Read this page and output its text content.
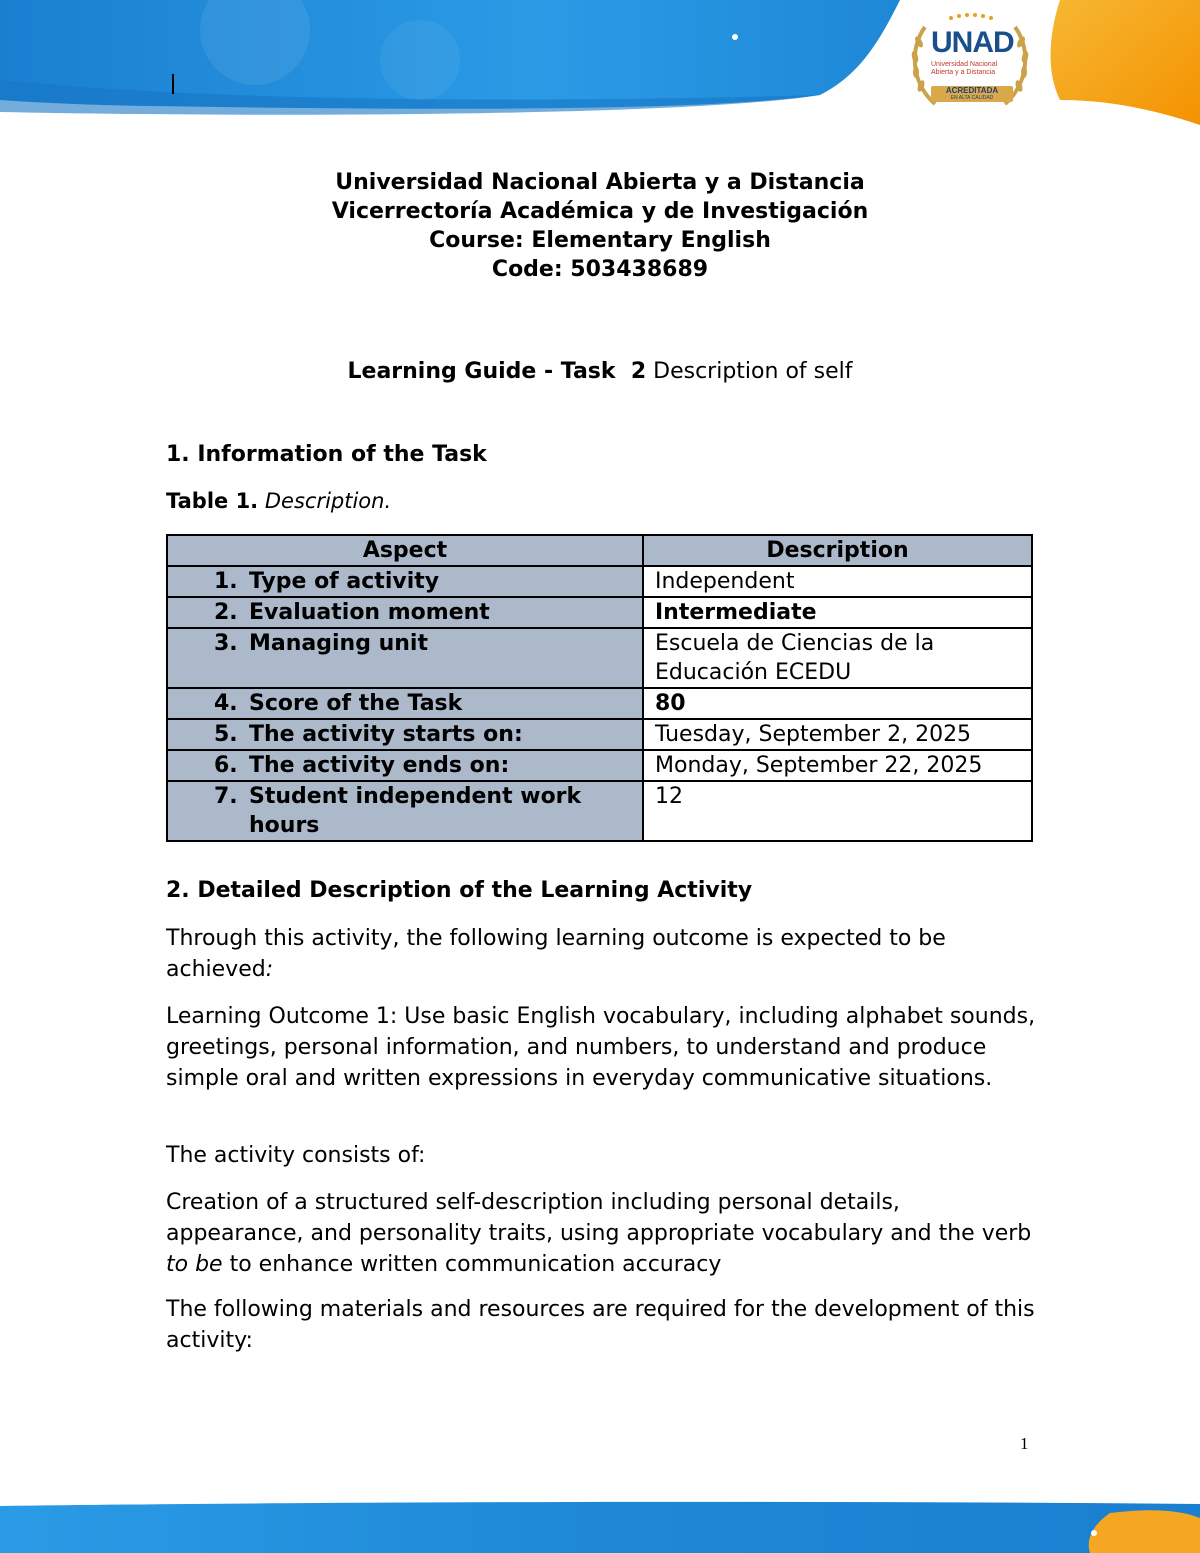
UNAD
Universidad Nacional Abierta y a Distancia
ACREDITADA
EN ALTA CALIDAD
Universidad Nacional Abierta y a Distancia
Vicerrectoría Académica y de Investigación
Course: Elementary English
Code: 503438689
Learning Guide - Task  2 Description of self
1. Information of the Task
Table 1. Description.
Aspect	Description

1. Type of activity	Independent

2. Evaluation moment	Intermediate

3. Managing unit	Escuela de Ciencias de la Educación ECEDU

4. Score of the Task	80

5. The activity starts on:	Tuesday, September 2, 2025

6. The activity ends on:	Monday, September 22, 2025

7. Student independent work hours	12
2. Detailed Description of the Learning Activity
Through this activity, the following learning outcome is expected to be achieved:
Learning Outcome 1: Use basic English vocabulary, including alphabet sounds, greetings, personal information, and numbers, to understand and produce simple oral and written expressions in everyday communicative situations.
The activity consists of:
Creation of a structured self-description including personal details, appearance, and personality traits, using appropriate vocabulary and the verb to be to enhance written communication accuracy
The following materials and resources are required for the development of this activity:
1
